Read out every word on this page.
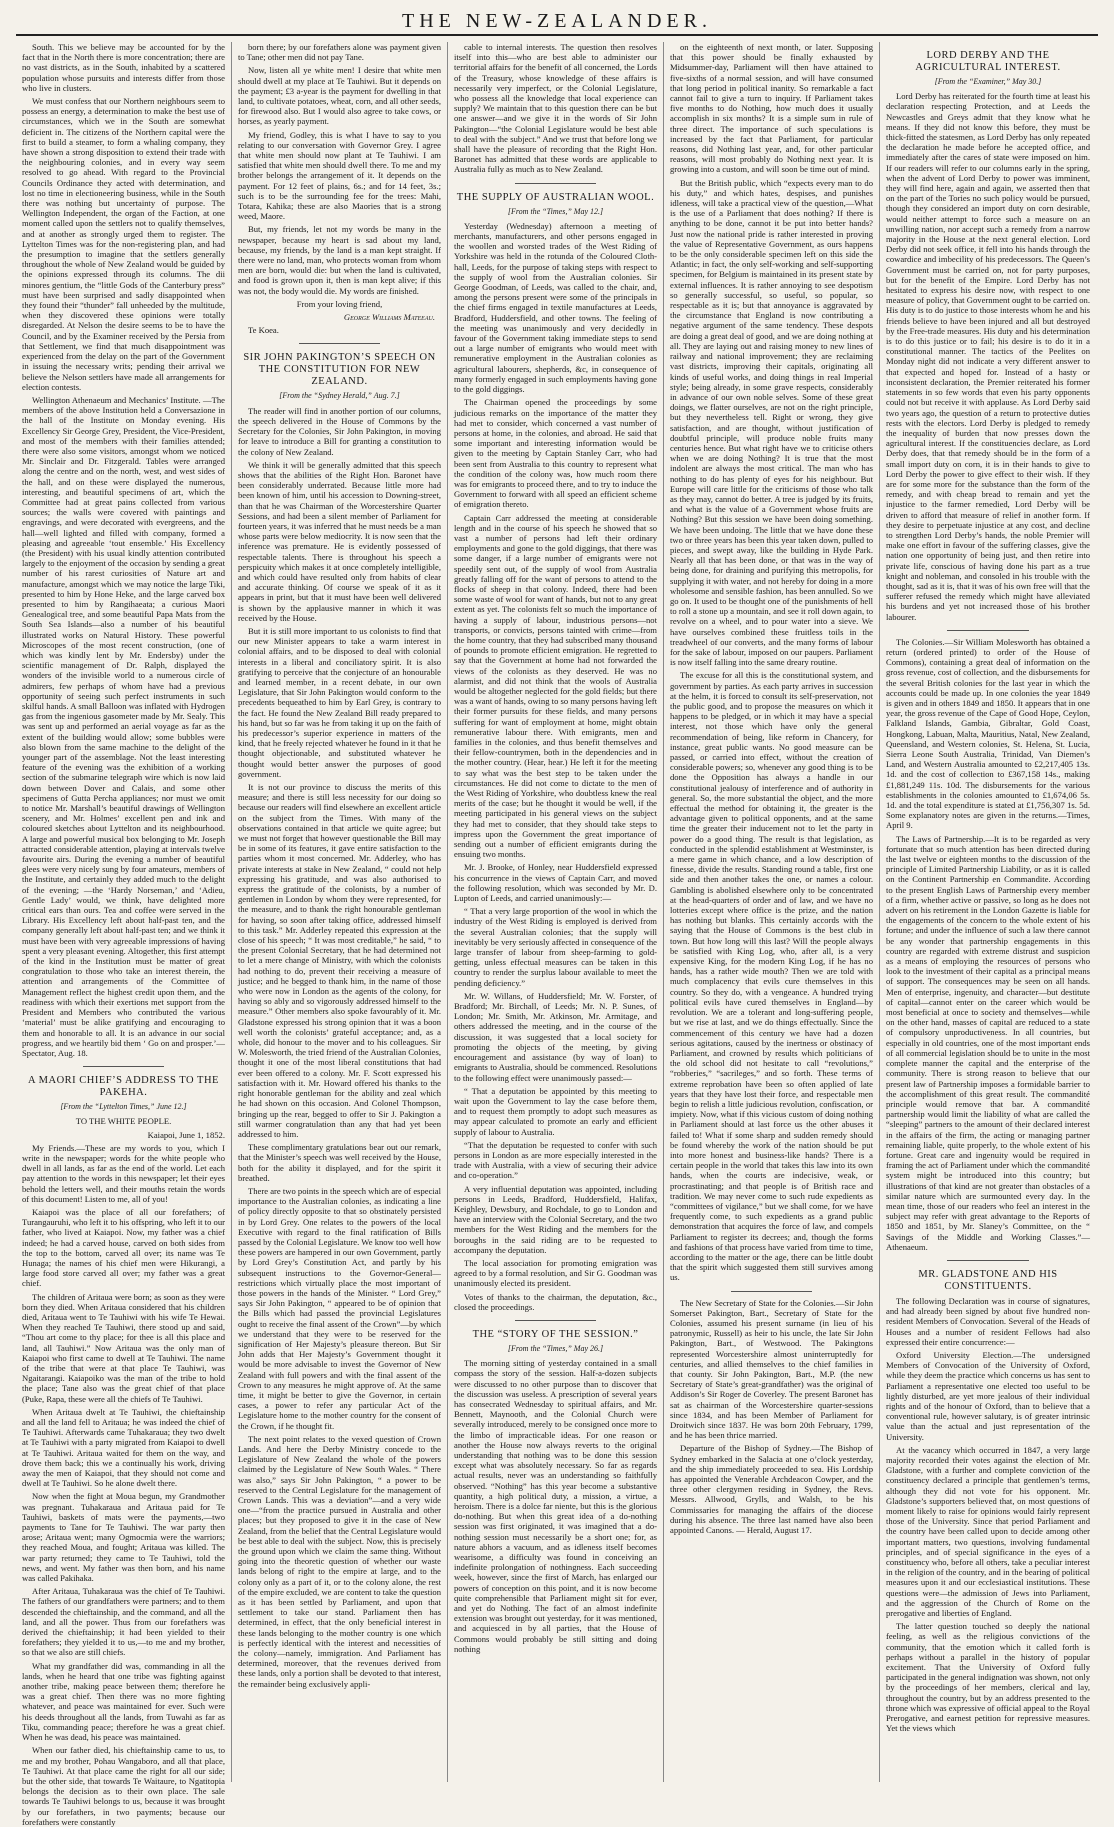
THE NEW-ZEALANDER.

South. This we believe may be accounted for by the fact that in the North there is more concentration; there are no vast districts, as in the South, inhabited by a scattered population whose pursuits and interests differ from those who live in clusters.

We must confess that our Northern neighbours seem to possess an energy, a determination to make the best use of circumstances, which we in the South are somewhat deficient in. The citizens of the Northern capital were the first to build a steamer, to form a whaling company, they have shown a strong disposition to extend their trade with the neighbouring colonies, and in every way seem resolved to go ahead. With regard to the Provincial Councils Ordinance they acted with determination, and lost no time in electioneering business, while in the South there was nothing but uncertainty of purpose. The Wellington Independent, the organ of the Faction, at one moment called upon the settlers not to qualify themselves, and at another as strongly urged them to register. The Lyttelton Times was for the non-registering plan, and had the presumption to imagine that the settlers generally throughout the whole of New Zealand would be guided by the opinions expressed through its columns. The dii minores gentium, the “little Gods of the Canterbury press” must have been surprised and sadly disappointed when they found their “thunder” fall unheeded by the multitude, when they discovered these opinions were totally disregarded. At Nelson the desire seems to be to have the Council, and by the Examiner received by the Persia from that Settlement, we find that much disappointment was experienced from the delay on the part of the Government in issuing the necessary writs; pending their arrival we believe the Nelson settlers have made all arrangements for election contests.

Wellington Athenaeum and Mechanics’ Institute. —The members of the above Institution held a Conversazione in the hall of the Institute on Monday evening. His Excellency Sir George Grey, President, the Vice-President, and most of the members with their families attended; there were also some visitors, amongst whom we noticed Mr. Sinclair and Dr. Fitzgerald. Tables were arranged along the centre and on the north, west, and west sides of the hall, and on these were displayed the numerous, interesting, and beautiful specimens of art, which the Committee had at great pains collected from various sources; the walls were covered with paintings and engravings, and were decorated with evergreens, and the hall—well lighted and filled with company, formed a pleasing and agreeable ‘tout ensemble.’ His Excellency (the President) with his usual kindly attention contributed largely to the enjoyment of the occasion by sending a great number of his rarest curiosities of Nature art and manufacture, amongst which we may notice the large Tiki, presented to him by Hone Heke, and the large carved box presented to him by Rangihaeata; a curious Maori Genealogical tree, and some beautiful Papa Mats from the South Sea Islands—also a number of his beautiful illustrated works on Natural History. These powerful Microscopes of the most recent construction, (one of which was kindly lent by Mr. Endersby) under the scientific management of Dr. Ralph, displayed the wonders of the invisible world to a numerous circle of admirers, few perhaps of whom have had a previous opportunity of seeing such perfect instruments in such skilful hands. A small Balloon was inflated with Hydrogen gas from the ingenious gasometer made by Mr. Sealy. This was sent up and performed an aerial voyage as far as the extent of the building would allow; some bubbles were also blown from the same machine to the delight of the younger part of the assemblage. Not the least interesting feature of the evening was the exhibition of a working section of the submarine telegraph wire which is now laid down between Dover and Calais, and some other specimens of Gutta Percha appliances; nor must we omit to notice Mr. Marshall’s beautiful drawings of Wellington scenery, and Mr. Holmes’ excellent pen and ink and coloured sketches about Lyttelton and its neighbourhood. A large and powerful musical box belonging to Mr. Joseph attracted considerable attention, playing at intervals twelve favourite airs. During the evening a number of beautiful glees were very nicely sung by four amateurs, members of the Institute, and certainly they added much to the delight of the evening; —the ‘Hardy Norseman,’ and ‘Adieu, Gentle Lady’ would, we think, have delighted more critical ears than ours. Tea and coffee were served in the Library. His Excellency left about half-past ten, and the company generally left about half-past ten; and we think it must have been with very agreeable impressions of having spent a very pleasant evening. Altogether, this first attempt of the kind in the Institution must be matter of great congratulation to those who take an interest therein, the attention and arrangements of the Committee of Management reflect the highest credit upon them, and the readiness with which their exertions met support from the President and Members who contributed the various ‘material’ must be alike gratifying and encouraging to them and honorable to all. It is an advance in our social progress, and we heartily bid them ‘ Go on and prosper.’—Spectator, Aug. 18.

A MAORI CHIEF’S ADDRESS TO THE PAKEHA.

[From the “Lyttelton Times,” June 12.]

TO THE WHITE PEOPLE.

Kaiapoi, June 1, 1852.

My Friends.—These are my words to you, which I write in the newspaper; words for the white people who dwell in all lands, as far as the end of the world. Let each pay attention to the words in this newspaper; let their eyes behold the letters well, and their mouths retain the words of this document! Listen to me, all of you!

Kaiapoi was the place of all our forefathers; of Turangauruhi, who left it to his offspring, who left it to our father, who lived at Kaiapoi. Now, my father was a chief indeed; he had a carved house, carved on both sides from the top to the bottom, carved all over; its name was Te Hunaga; the names of his chief men were Hikurangi, a large food store carved all over; my father was a great chief.

The children of Aritaua were born; as soon as they were born they died. When Aritaua considered that his children died, Aritaua went to Te Tauhiwi with his wife Te Hewai. When they reached Te Tauhiwi, there stood up and said, “Thou art come to thy place; for thee is all this place and land, all Tauhiwi.” Now Aritaua was the only man of Kaiapoi who first came to dwell at Te Tauhiwi. The name of the tribe that were at that place Te Tauhiwi, was Ngaitarangi. Kaiapoiko was the man of the tribe to hold the place; Tane also was the great chief of that place (Puke, Rapa, these were all the chiefs of Te Tauhiwi.

When Aritaua dwelt at Te Tauhiwi, the chieftainship and all the land fell to Aritaua; he was indeed the chief of Te Tauhiwi. Afterwards came Tuhakaraua; they two dwelt at Te Tauhiwi with a party migrated from Kaiapoi to dwell at Te Tauhiwi. Aritaua waited for them on the way, and drove them back; this we a continually his work, driving away the men of Kaiapoi, that they should not come and dwell at Te Tauhiwi. So he alone dwelt there.

Now when the fight at Moua begun, my Grandmother was pregnant. Tuhakaraua and Aritaua paid for Te Tauhiwi, baskets of mats were the payments,—two payments to Tane for Te Tauhiwi. The war party then arose; Aritaua went; many Ogmocmia were the warriors; they reached Moua, and fought; Aritaua was killed. The war party returned; they came to Te Tauhiwi, told the news, and went. My father was then born, and his name was called Pakihaka.

After Aritaua, Tuhakaraua was the chief of Te Tauhiwi. The fathers of our grandfathers were partners; and to them descended the chieftainship, and the command, and all the land, and all the power. Thus from our forefathers was derived the chieftainship; it had been yielded to their forefathers; they yielded it to us,—to me and my brother, so that we also are still chiefs.

What my grandfather did was, commanding in all the lands, when he heard that one tribe was fighting against another tribe, making peace between them; therefore he was a great chief. Then there was no more fighting whatever, and peace was maintained for ever. Such were his deeds throughout all the lands, from Tuwahi as far as Tiku, commanding peace; therefore he was a great chief. When he was dead, his peace was maintained.

When our father died, his chieftainship came to us, to me and my brother, Pohau Wangaboro, and all that place, Te Tauhiwi. At that place came the right for all our side; but the other side, that towards Te Waitaure, to Ngatitopia belongs the decision as to their own place. The sale towards Te Tauhiwi belongs to us, because it was brought by our forefathers, in two payments; because our forefathers were constantly

born there; by our forefathers alone was payment given to Tane; other men did not pay Tane.

Now, listen all ye white men! I desire that white men should dwell at my place at Te Tauhiwi. But it depends on the payment; £3 a-year is the payment for dwelling in that land, to cultivate potatoes, wheat, corn, and all other seeds, for firewood also. But I would also agree to take cows, or horses, as yearly payment.

My friend, Godley, this is what I have to say to you relating to our conversation with Governor Grey. I agree that white men should now plant at Te Tauhiwi. I am satisfied that white men should dwell there. To me and my brother belongs the arrangement of it. It depends on the payment. For 12 feet of plains, 6s.; and for 14 feet, 3s.; such is to be the surrounding fee for the trees: Mahi, Totara, Kahika; these are also Maories that is a strong weed, Maore.

But, my friends, let not my words be many in the newspaper, because my heart is sad about my land, because, my friends, by the land is a man kept straight. If there were no land, man, who protects woman from whom men are born, would die: but when the land is cultivated, and food is grown upon it, then is man kept alive; if this was not, the body would die. My words are finished.

From your loving friend,

George Williams Mateeau.

Te Koea.

SIR JOHN PAKINGTON’S SPEECH ON THE CONSTITUTION FOR NEW ZEALAND.

[From the “Sydney Herald,” Aug. 7.]

The reader will find in another portion of our columns, the speech delivered in the House of Commons by the Secretary for the Colonies, Sir John Pakington, in moving for leave to introduce a Bill for granting a constitution to the colony of New Zealand.

We think it will be generally admitted that this speech shows that the abilities of the Right Hon. Baronet have been considerably underrated. Because little more had been known of him, until his accession to Downing-street, than that he was Chairman of the Worcestershire Quarter Sessions, and had been a silent member of Parliament for fourteen years, it was inferred that he must needs be a man whose parts were below mediocrity. It is now seen that the inference was premature. He is evidently possessed of respectable talents. There is throughout his speech a perspicuity which makes it at once completely intelligible, and which could have resulted only from habits of clear and accurate thinking. Of course we speak of it as it appears in print, but that it must have been well delivered is shown by the applausive manner in which it was received by the House.

But it is still more important to us colonists to find that our new Minister appears to take a warm interest in colonial affairs, and to be disposed to deal with colonial interests in a liberal and conciliatory spirit. It is also gratifying to perceive that the conjecture of an honourable and learned member, in a recent debate, in our own Legislature, that Sir John Pakington would conform to the precedents bequeathed to him by Earl Grey, is contrary to the fact. He found the New Zealand Bill ready prepared to his hand, but so far was he from taking it up on the faith of his predecessor’s superior experience in matters of the kind, that he freely rejected whatever he found in it that he thought objectionable, and substituted whatever he thought would better answer the purposes of good government.

It is not our province to discuss the merits of this measure; and there is still less necessity for our doing so because our readers will find elsewhere an excellent article on the subject from the Times. With many of the observations contained in that article we quite agree; but we must not forget that however questionable the Bill may be in some of its features, it gave entire satisfaction to the parties whom it most concerned. Mr. Adderley, who has private interests at stake in New Zealand, “ could not help expressing his gratitude, and was also authorised to express the gratitude of the colonists, by a number of gentlemen in London by whom they were represented, for the measure, and to thank the right honourable gentleman for having, so soon after taking office, addressed himself to this task.” Mr. Adderley repeated this expression at the close of his speech; “ It was most creditable,” he said, “ to the present Colonial Secretary, that he had determined not to let a mere change of Ministry, with which the colonists had nothing to do, prevent their receiving a measure of justice; and he begged to thank him, in the name of those who were now in London as the agents of the colony, for having so ably and so vigorously addressed himself to the measure.” Other members also spoke favourably of it. Mr. Gladstone expressed his strong opinion that it was a boon well worth the colonists’ grateful acceptance; and, as a whole, did honour to the mover and to his colleagues. Sir W. Molesworth, the tried friend of the Australian Colonies, thought it one of the most liberal constitutions that had ever been offered to a colony. Mr. F. Scott expressed his satisfaction with it. Mr. Howard offered his thanks to the right honorable gentleman for the ability and zeal which he had shown on this occasion. And Colonel Thompson, bringing up the rear, begged to offer to Sir J. Pakington a still warmer congratulation than any that had yet been addressed to him.

These complimentary gratulations bear out our remark, that the Minister’s speech was well received by the House, both for the ability it displayed, and for the spirit it breathed.

There are two points in the speech which are of especial importance to the Australian colonies, as indicating a line of policy directly opposite to that so obstinately persisted in by Lord Grey. One relates to the powers of the local Executive with regard to the final ratification of Bills passed by the Colonial Legislature. We know too well how these powers are hampered in our own Government, partly by Lord Grey’s Constitution Act, and partly by his subsequent instructions to the Governor-General—restrictions which virtually place the most important of those powers in the hands of the Minister. “ Lord Grey,” says Sir John Pakington, “ appeared to be of opinion that the Bills which had passed the provincial Legislatures ought to receive the final assent of the Crown”—by which we understand that they were to be reserved for the signification of Her Majesty’s pleasure thereon. But Sir John adds that Her Majesty’s Government thought it would be more advisable to invest the Governor of New Zealand with full powers and with the final assent of the Crown to any measures he might approve of. At the same time, it might be better to give the Governor, in certain cases, a power to refer any particular Act of the Legislature home to the mother country for the consent of the Crown, if he thought fit.

The next point relates to the vexed question of Crown Lands. And here the Derby Ministry concede to the Legislature of New Zealand the whole of the powers claimed by the Legislature of New South Wales. “ There was also,” says Sir John Pakington, “ a power to be reserved to the Central Legislature for the management of Crown Lands. This was a deviation”—and a very wide one—“from the practice pursued in Australia and other places; but they proposed to give it in the case of New Zealand, from the belief that the Central Legislature would be best able to deal with the subject. Now, this is precisely the ground upon which we claim the same thing. Without going into the theoretic question of whether our waste lands belong of right to the empire at large, and to the colony only as a part of it, or to the colony alone, the rest of the empire excluded, we are content to take the question as it has been settled by Parliament, and upon that settlement to take our stand. Parliament then has determined, in effect, that the only beneficial interest in these lands belonging to the mother country is one which is perfectly identical with the interest and necessities of the colony—namely, immigration. And Parliament has determined, moreover, that the revenues derived from these lands, only a portion shall be devoted to that interest, the remainder being exclusively appli-

cable to internal interests. The question then resolves itself into this—who are best able to administer our territorial affairs for the benefit of all concerned, the Lords of the Treasury, whose knowledge of these affairs is necessarily very imperfect, or the Colonial Legislature, who possess all the knowledge that local experience can supply? We maintain that to this question there can be but one answer—and we give it in the words of Sir John Pakington—“the Colonial Legislature would be best able to deal with the subject.” And we trust that before long we shall have the pleasure of recording that the Right Hon. Baronet has admitted that these words are applicable to Australia fully as much as to New Zealand.

THE SUPPLY OF AUSTRALIAN WOOL.

[From the “Times,” May 12.]

Yesterday (Wednesday) afternoon a meeting of merchants, manufacturers, and other persons engaged in the woollen and worsted trades of the West Riding of Yorkshire was held in the rotunda of the Coloured Cloth-hall, Leeds, for the purpose of taking steps with respect to the supply of wool from the Australian colonies. Sir George Goodman, of Leeds, was called to the chair, and, among the persons present were some of the principals in the chief firms engaged in textile manufactures at Leeds, Bradford, Huddersfield, and other towns. The feeling of the meeting was unanimously and very decidedly in favour of the Government taking immediate steps to send out a large number of emigrants who would meet with remunerative employment in the Australian colonies as agricultural labourers, shepherds, &c, in consequence of many formerly engaged in such employments having gone to the gold diggings.

The Chairman opened the proceedings by some judicious remarks on the importance of the matter they had met to consider, which concerned a vast number of persons at home, in the colonies, and abroad. He said that some important and interesting information would be given to the meeting by Captain Stanley Carr, who had been sent from Australia to this country to represent what the condition of the colony was, how much room there was for emigrants to proceed there, and to try to induce the Government to forward with all speed an efficient scheme of emigration thereto.

Captain Carr addressed the meeting at considerable length and in the course of his speech he showed that so vast a number of persons had left their ordinary employments and gone to the gold diggings, that there was some danger, if a large number of emigrants were not speedily sent out, of the supply of wool from Australia greatly falling off for the want of persons to attend to the flocks of sheep in that colony. Indeed, there had been some waste of wool for want of hands, but not to any great extent as yet. The colonists felt so much the importance of having a supply of labour, industrious persons—not transports, or convicts, persons tainted with crime—from the home country, that they had subscribed many thousand of pounds to promote efficient emigration. He regretted to say that the Government at home had not forwarded the views of the colonists as they deserved. He was no alarmist, and did not think that the wools of Australia would be altogether neglected for the gold fields; but there was a want of hands, owing to so many persons having left their former pursuits for these fields, and many persons suffering for want of employment at home, might obtain remunerative labour there. With emigrants, men and families in the colonies, and thus benefit themselves and their fellow-countrymen, both in the dependencies and in the mother country. (Hear, hear.) He left it for the meeting to say what was the best step to be taken under the circumstances. He did not come to dictate to the men of the West Riding of Yorkshire, who doubtless knew the real merits of the case; but he thought it would be well, if the meeting participated in his general views on the subject they had met to consider, that they should take steps to impress upon the Government the great importance of sending out a number of efficient emigrants during the ensuing two months.

Mr. J. Brooke, of Honley, near Huddersfield expressed his concurrence in the views of Captain Carr, and moved the following resolution, which was seconded by Mr. D. Lupton of Leeds, and carried unanimously:—

“ That a very large proportion of the wool in which the industry of the West Riding is employed is derived from the several Australian colonies; that the supply will inevitably be very seriously affected in consequence of the large transfer of labour from sheep-farming to gold-getting, unless effectual measures can be taken in this country to render the surplus labour available to meet the pending deficiency.”

Mr. W. Willans, of Huddersfield; Mr. W. Forster, of Bradford; Mr. Birchall, of Leeds; Mr. N. P. Sunes, of London; Mr. Smith, Mr. Atkinson, Mr. Armitage, and others addressed the meeting, and in the course of the discussion, it was suggested that a local society for promoting the objects of the meeting, by giving encouragement and assistance (by way of loan) to emigrants to Australia, should be commenced. Resolutions to the following effect were unanimously passed:—

“ That a deputation be appointed by this meeting to wait upon the Government to lay the case before them, and to request them promptly to adopt such measures as may appear calculated to promote an early and efficient supply of labour to Australia.

“That the deputation be requested to confer with such persons in London as are more especially interested in the trade with Australia, with a view of securing their advice and co-operation.”

A very influential deputation was appointed, including persons in Leeds, Bradford, Huddersfield, Halifax, Keighley, Dewsbury, and Rochdale, to go to London and have an interview with the Colonial Secretary, and the two members for the West Riding and the members for the boroughs in the said riding are to be requested to accompany the deputation.

The local association for promoting emigration was agreed to by a formal resolution, and Sir G. Goodman was unanimously elected its president.

Votes of thanks to the chairman, the deputation, &c., closed the proceedings.

THE “STORY OF THE SESSION.”

[From the “Times,” May 26.]

The morning sitting of yesterday contained in a small compass the story of the session. Half-a-dozen subjects were discussed to no other purpose than to discover that the discussion was useless. A prescription of several years has consecrated Wednesday to spiritual affairs, and Mr. Bennett, Maynooth, and the Colonial Church were severally introduced, merely to be consigned once more to the limbo of impracticable ideas. For one reason or another the House now always reverts to the original understanding that nothing was to be done this session except what was absolutely necessary. So far as regards actual results, never was an understanding so faithfully observed. “Nothing” has this year become a substantive quantity, a high political duty, a mission, a virtue, a heroism. There is a dolce far niente, but this is the glorious do-nothing. But when this great idea of a do-nothing session was first originated, it was imagined that a do-nothing session must necessarily be a short one; for, as nature abhors a vacuum, and as idleness itself becomes wearisome, a difficulty was found in conceiving an indefinite prolongation of nothingness. Each succeeding week, however, since the first of March, has enlarged our powers of conception on this point, and it is now become quite comprehensible that Parliament might sit for ever, and yet do Nothing. The fact of an almost indefinite extension was brought out yesterday, for it was mentioned, and acquiesced in by all parties, that the House of Commons would probably be still sitting and doing nothing

on the eighteenth of next month, or later. Supposing that this power should be finally exhausted by Midsummer-day, Parliament will then have attained to five-sixths of a normal session, and will have consumed that long period in political inanity. So remarkable a fact cannot fail to give a turn to inquiry. If Parliament takes five months to do Nothing, how much does it usually accomplish in six months? It is a simple sum in rule of three direct. The importance of such speculations is increased by the fact that Parliament, for particular reasons, did Nothing last year, and, for other particular reasons, will most probably do Nothing next year. It is growing into a custom, and will soon be time out of mind.

But the British public, which “expects every man to do his duty,” and which hates, despises, and punishes idleness, will take a practical view of the question,—What is the use of a Parliament that does nothing? If there is anything to be done, cannot it be put into better hands? Just now the national pride is rather interested in proving the value of Representative Government, as ours happens to be the only considerable specimen left on this side the Atlantic; in fact, the only self-working and self-supporting specimen, for Belgium is maintained in its present state by external influences. It is rather annoying to see despotism so generally successful, so useful, so popular, so respectable as it is; but that annoyance is aggravated by the circumstance that England is now contributing a negative argument of the same tendency. These despots are doing a great deal of good, and we are doing nothing at all. They are laying out and raising money to new lines of railway and national improvement; they are reclaiming vast districts, improving their capitals, originating all kinds of useful works, and doing things in real Imperial style; being already, in some grave respects, considerably in advance of our own noble selves. Some of these great doings, we flatter ourselves, are not on the right principle, but they nevertheless tell. Right or wrong, they give satisfaction, and are thought, without justification of doubtful principle, will produce noble fruits many centuries hence. But what right have we to criticise others when we are doing Nothing? It is true that the most indolent are always the most critical. The man who has nothing to do has plenty of eyes for his neighbour. But Europe will care little for the criticisms of those who talk as they may, cannot do better. A tree is judged by its fruits, and what is the value of a Government whose fruits are Nothing? But this session we have been doing something. We have been undoing. The little that we have done these two or three years has been this year taken down, pulled to pieces, and swept away, like the building in Hyde Park. Nearly all that has been done, or that was in the way of being done, for draining and purifying this metropolis, for supplying it with water, and not hereby for doing in a more wholesome and sensible fashion, has been annulled. So we go on. It used to be thought one of the punishments of hell to roll a stone up a mountain, and see it roll down again, to revolve on a wheel, and to pour water into a sieve. We have ourselves combined these fruitless toils in the treadwheel of our converts, and the many forms of labour for the sake of labour, imposed on our paupers. Parliament is now itself falling into the same dreary routine.

The excuse for all this is the constitutional system, and government by parties. As each party arrives in succession at the helm, it is forced to consult its self-preservation, not the public good, and to propose the measures on which it happens to be pledged, or in which it may have a special interest, not those which have only the general recommendation of being, like reform in Chancery, for instance, great public wants. No good measure can be passed, or carried into effect, without the creation of considerable powers; so, whenever any good thing is to be done the Opposition has always a handle in our constitutional jealousy of interference and of authority in general. So, the more substantial the object, and the more effectual the method for obtaining it, the greater is the advantage given to political opponents, and at the same time the greater their inducement not to let the party in power do a good thing. The result is that legislation, as conducted in the splendid establishment at Westminster, is a mere game in which chance, and a low description of finesse, divide the results. Standing round a table, first one side and then another takes the one, or names a colour. Gambling is abolished elsewhere only to be concentrated at the head-quarters of order and of law, and we have no lotteries except where office is the prize, and the nation has nothing but blanks. This certainly accords with the saying that the House of Commons is the best club in town. But how long will this last? Will the people always be satisfied with King Log, who, after all, is a very expensive King, for the modern King Log, if he has no hands, has a rather wide mouth? Then we are told with much complacency that evils cure themselves in this country. So they do, with a vengeance. A hundred trying political evils have cured themselves in England—by revolution. We are a tolerant and long-suffering people, but we rise at last, and we do things effectually. Since the commencement of this century we have had a dozen serious agitations, caused by the inertness or obstinacy of Parliament, and crowned by results which politicians of the old school did not hesitate to call “revolutions,” “robberies,” “sacrileges,” and so forth. These terms of extreme reprobation have been so often applied of late years that they have lost their force, and respectable men begin to relish a little judicious revolution, confiscation, or impiety. Now, what if this vicious custom of doing nothing in Parliament should at last force us the other abuses it failed to! What if some sharp and sudden remedy should be found whereby the work of the nation should be put into more honest and business-like hands? There is a certain people in the world that takes this law into its own hands, when the courts are indecisive, weak, or procrastinating; and that people is of British race and tradition. We may never come to such rude expedients as “committees of vigilance,” but we shall come, for we have frequently come, to such expedients as a grand public demonstration that acquires the force of law, and compels Parliament to register its decrees; and, though the forms and fashions of that process have varied from time to time, according to the matter or the age, there can be little doubt that the spirit which suggested them still survives among us.

The New Secretary of State for the Colonies.—Sir John Somerset Pakington, Bart., Secretary of State for the Colonies, assumed his present surname (in lieu of his patronymic, Russell) as heir to his uncle, the late Sir John Pakington, Bart., of Westwood. The Pakingtons represented Worcestershire almost uninterruptedly for centuries, and allied themselves to the chief families in that county. Sir John Pakington, Bart., M.P. (the new Secretary of State’s great-grandfather) was the original of Addison’s Sir Roger de Coverley. The present Baronet has sat as chairman of the Worcestershire quarter-sessions since 1834, and has been Member of Parliament for Droitwich since 1837. He was born 20th February, 1799, and he has been thrice married.

Departure of the Bishop of Sydney.—The Bishop of Sydney embarked in the Salacia at one o’clock yesterday, and the ship immediately proceeded to sea. His Lordship has appointed the Venerable Archdeacon Cowper, and the three other clergymen residing in Sydney, the Revs. Messrs. Allwood, Grylls, and Walsh, to be his Commissaries for managing the affairs of the diocese during his absence. The three last named have also been appointed Canons. — Herald, August 17.

LORD DERBY AND THE AGRICULTURAL INTEREST.

[From the “Examiner,” May 30.]

Lord Derby has reiterated for the fourth time at least his declaration respecting Protection, and at Leeds the Newcastles and Greys admit that they know what he means. If they did not know this before, they must be thick-fitted the statesmen, as Lord Derby has only repeated the declaration he made before he accepted office, and immediately after the cares of state were imposed on him. If our readers will refer to our columns early in the spring, when the advent of Lord Derby to power was imminent, they will find here, again and again, we asserted then that on the part of the Tories no such policy would be pursued, though they considered an import duty on corn desirable, would neither attempt to force such a measure on an unwilling nation, nor accept such a remedy from a narrow majority in the House at the next general election. Lord Derby did not seek office, it fell into his hands through the cowardice and imbecility of his predecessors. The Queen’s Government must be carried on, not for party purposes, but for the benefit of the Empire. Lord Derby has not hesitated to express his desire now, with respect to one measure of policy, that Government ought to be carried on. His duty is to do justice to those interests whom he and his friends believe to have been injured and all but destroyed by the Free-trade measures. His duty and his determination is to do this justice or to fail; his desire is to do it in a constitutional manner. The tactics of the Peelites on Monday night did not indicate a very different answer to that expected and hoped for. Instead of a hasty or inconsistent declaration, the Premier reiterated his former statements in so few words that even his party opponents could not but receive it with applause. As Lord Derby said two years ago, the question of a return to protective duties rests with the electors. Lord Derby is pledged to remedy the inequality of burden that now presses down the agricultural interest. If the constituencies declare, as Lord Derby does, that that remedy should be in the form of a small import duty on corn, it is in their hands to give to Lord Derby the power to give effect to their wish. If they are for some more for the substance than the form of the remedy, and with cheap bread to remain and yet the injustice to the farmer remedied, Lord Derby will be driven to afford that measure of relief in another form. If they desire to perpetuate injustice at any cost, and decline to strengthen Lord Derby’s hands, the noble Premier will make one effort in favour of the suffering classes, give the nation one opportunity of being just, and then retire into private life, conscious of having done his part as a true knight and nobleman, and consoled in his trouble with the thought, sad as it is, that it was of his own free will that the sufferer refused the remedy which might have alleviated his burdens and yet not increased those of his brother labourer.

The Colonies.—Sir William Molesworth has obtained a return (ordered printed) to order of the House of Commons), containing a great deal of information on the gross revenue, cost of collection, and the disbursements for the several British colonies for the last year in which the accounts could be made up. In one colonies the year 1849 is given and in others 1849 and 1850. It appears that in one year, the gross revenue of the Cape of Good Hope, Ceylon, Falkland Islands, Gambia, Gibraltar, Gold Coast, Hongkong, Labuan, Malta, Mauritius, Natal, New Zealand, Queensland, and Western colonies, St. Helena, St. Lucia, Sierra Leone South Australia, Trinidad, Van Diemen’s Land, and Western Australia amounted to £2,217,405 13s. 1d. and the cost of collection to £367,158 14s., making £1,881,249 11s. 10d. The disbursements for the various establishments in the colonies amounted to £1,674,06 5s. 1d. and the total expenditure is stated at £1,756,307 1s. 5d. Some explanatory notes are given in the returns.—Times, April 9.

The Laws of Partnership.—It is to be regarded as very fortunate that so much attention has been directed during the last twelve or eighteen months to the discussion of the principle of Limited Partnership Liability, or as it is called on the Continent Partnership en Commandite. According to the present English Laws of Partnership every member of a firm, whether active or passive, so long as he does not advert on his retirement in the London Gazette is liable for the engagements of the concern to the whole extent of his fortune; and under the influence of such a law there cannot be any wonder that partnership engagements in this country are regarded with extreme distrust and suspicion as a means of employing the resources of persons who look to the investment of their capital as a principal means of support. The consequences may be seen on all hands. Men of enterprise, ingenuity, and character—but destitute of capital—cannot enter on the career which would be most beneficial at once to society and themselves—while on the other hand, masses of capital are reduced to a state of compulsory unproductiveness. In all countries, but especially in old countries, one of the most important ends of all commercial legislation should be to unite in the most complete manner the capital and the enterprise of the community. There is strong reason to believe that our present law of Partnership imposes a formidable barrier to the accomplishment of this great result. The commandité principle would remove that bar. A commandité partnership would limit the liability of what are called the “sleeping” partners to the amount of their declared interest in the affairs of the firm, the acting or managing partner remaining liable, quite properly, to the whole extent of his fortune. Great care and ingenuity would be required in framing the act of Parliament under which the commandité system might be introduced into this country; but illustrations of that kind are not greater than obstacles of a similar nature which are surmounted every day. In the mean time, those of our readers who feel an interest in the subject may refer with great advantage to the Reports of 1850 and 1851, by Mr. Slaney’s Committee, on the “ Savings of the Middle and Working Classes.”—Athenaeum.

MR. GLADSTONE AND HIS CONSTITUENTS.

The following Declaration was in course of signatures, and had already been signed by about five hundred non-resident Members of Convocation. Several of the Heads of Houses and a number of resident Fellows had also expressed their entire concurrence:—

Oxford University Election.—The undersigned Members of Convocation of the University of Oxford, while they deem the practice which concerns us has sent to Parliament a representative one elected too useful to be lightly disturbed, are yet more jealous of their individual rights and of the honour of Oxford, than to believe that a conventional rule, however salutary, is of greater intrinsic value than the actual and just representation of the University.

At the vacancy which occurred in 1847, a very large majority recorded their votes against the election of Mr. Gladstone, with a further and complete conviction of the constituency declared a principle that gentlemen’s terms, although they did not vote for his opponent. Mr. Gladstone’s supporters believed that, on most questions of moment likely to raise for opinions would fairly represent those of the University. Since that period Parliament and the country have been called upon to decide among other important matters, two questions, involving fundamental principles, and of special significance in the eyes of a constituency who, before all others, take a peculiar interest in the religion of the country, and in the bearing of political measures upon it and our ecclesiastical institutions. These questions were—the admission of Jews into Parliament, and the aggression of the Church of Rome on the prerogative and liberties of England.

The latter question touched so deeply the national feeling, as well as the religious convictions of the community, that the emotion which it called forth is perhaps without a parallel in the history of popular excitement. That the University of Oxford fully participated in the general indignation was shown, not only by the proceedings of her members, clerical and lay, throughout the country, but by an address presented to the throne which was expressive of official appeal to the Royal Prerogative, and earnest petition for repressive measures. Yet the views which
